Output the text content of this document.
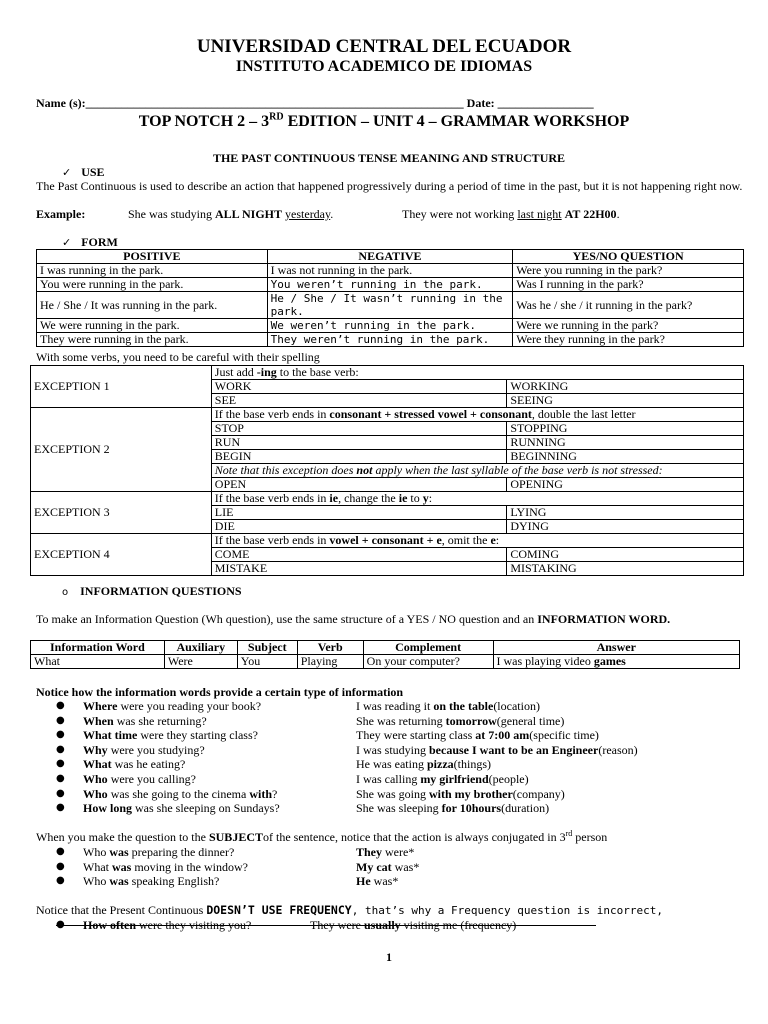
UNIVERSIDAD CENTRAL DEL ECUADOR
INSTITUTO ACADEMICO DE IDIOMAS
Name (s):_______________________________________________________________ Date: ________________
TOP NOTCH 2 – 3RD EDITION – UNIT 4 – GRAMMAR WORKSHOP
THE PAST CONTINUOUS TENSE MEANING AND STRUCTURE
✓ USE
The Past Continuous is used to describe an action that happened progressively during a period of time in the past, but it is not happening right now.
Example:	She was studying ALL NIGHT yesterday.	They were not working last night AT 22H00.
✓ FORM
POSITIVE	NEGATIVE	YES/NO QUESTION
I was running in the park.	I was not running in the park.	Were you running in the park?
You were running in the park.	You weren’t running in the park.	Was I running in the park?
He / She / It was running in the park.	He / She / It wasn’t running in the park.	Was he / she / it running in the park?
We were running in the park.	We weren’t running in the park.	Were we running in the park?
They were running in the park.	They weren’t running in the park.	Were they running in the park?
With some verbs, you need to be careful with their spelling
EXCEPTION 1	Just add -ing to the base verb:	
	WORK	WORKING
	SEE	SEEING
EXCEPTION 2	If the base verb ends in consonant + stressed vowel + consonant, double the last letter	
	STOP	STOPPING
	RUN	RUNNING
	BEGIN	BEGINNING
	Note that this exception does not apply when the last syllable of the base verb is not stressed:	
	OPEN	OPENING
EXCEPTION 3	If the base verb ends in ie, change the ie to y:	
	LIE	LYING
	DIE	DYING
EXCEPTION 4	If the base verb ends in vowel + consonant + e, omit the e:	
	COME	COMING
	MISTAKE	MISTAKING
o INFORMATION QUESTIONS
To make an Information Question (Wh question), use the same structure of a YES / NO question and an INFORMATION WORD.
Information Word	Auxiliary	Subject	Verb	Complement	Answer
What	Were	You	Playing	On your computer?	I was playing video games
Notice how the information words provide a certain type of information
● Where were you reading your book?	I was reading it on the table(location)
● When was she returning?	She was returning tomorrow(general time)
● What time were they starting class?	They were starting class at 7:00 am(specific time)
● Why were you studying?	I was studying because I want to be an Engineer(reason)
● What was he eating?	He was eating pizza(things)
● Who were you calling?	I was calling my girlfriend(people)
● Who was she going to the cinema with?	She was going with my brother(company)
● How long was she sleeping on Sundays?	She was sleeping for 10hours(duration)
When you make the question to the SUBJECTof the sentence, notice that the action is always conjugated in 3rd person
● Who was preparing the dinner?	They were*
● What was moving in the window?	My cat was*
● Who was speaking English?	He was*
Notice that the Present Continuous DOESN’T USE FREQUENCY, that’s why a Frequency question is incorrect,
● How often were they visiting you?	They were usually visiting me (frequency)
1
